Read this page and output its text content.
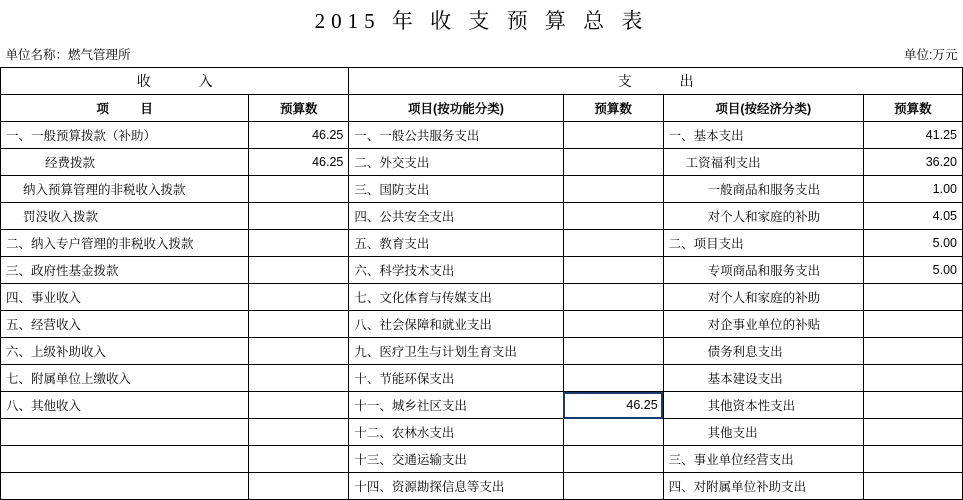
2015 年 收 支 预 算 总 表
单位名称：燃气管理所					单位:万元
收 入		支 出			
项 目	预算数	项目(按功能分类)	预算数	项目(按经济分类)	预算数
一、一般预算拨款（补助）	46.25	一、一般公共服务支出		一、基本支出	41.25
经费拨款	46.25	二、外交支出		工资福利支出	36.20
纳入预算管理的非税收入拨款		三、国防支出		一般商品和服务支出	1.00
罚没收入拨款		四、公共安全支出		对个人和家庭的补助	4.05
二、纳入专户管理的非税收入拨款		五、教育支出		二、项目支出	5.00
三、政府性基金拨款		六、科学技术支出		专项商品和服务支出	5.00
四、事业收入		七、文化体育与传媒支出		对个人和家庭的补助	
五、经营收入		八、社会保障和就业支出		对企事业单位的补贴	
六、上级补助收入		九、医疗卫生与计划生育支出		债务利息支出	
七、附属单位上缴收入		十、节能环保支出		基本建设支出	
八、其他收入		十一、城乡社区支出	46.25	其他资本性支出	
		十二、农林水支出		其他支出	
		十三、交通运输支出		三、事业单位经营支出	
		十四、资源勘探信息等支出		四、对附属单位补助支出	
